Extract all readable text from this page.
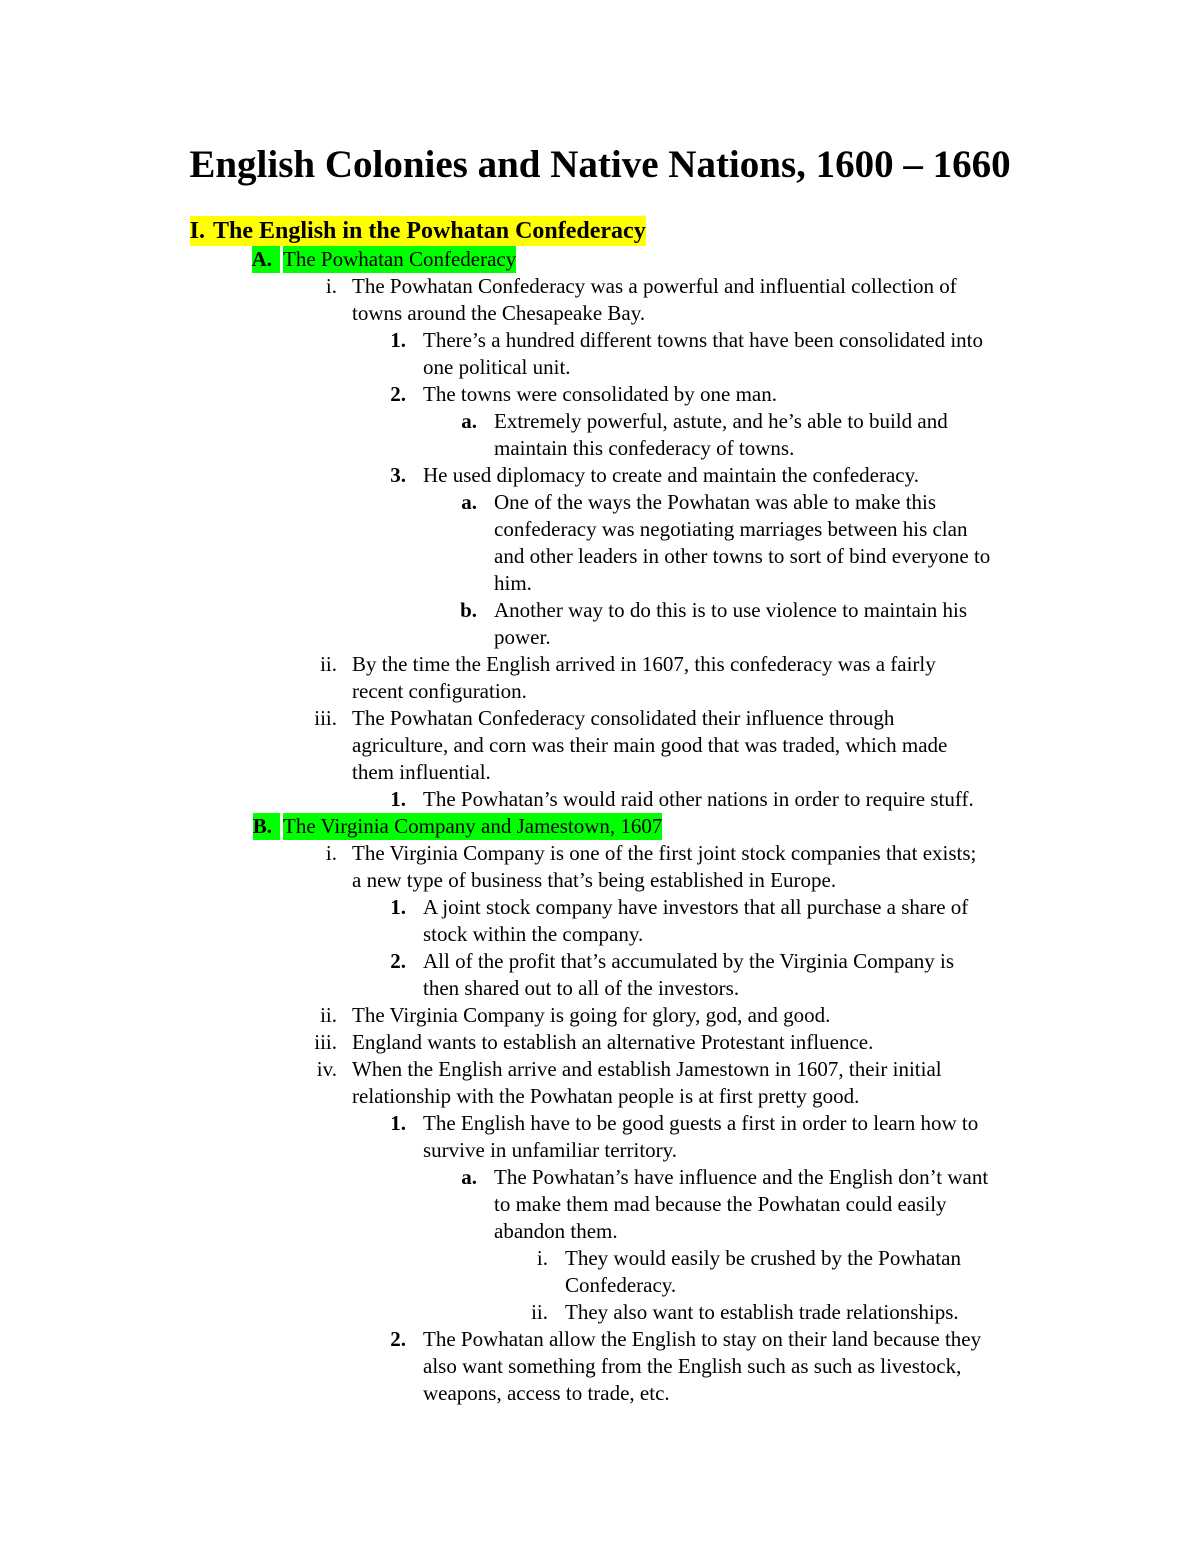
English Colonies and Native Nations, 1600 – 1660
I. The English in the Powhatan Confederacy
A. The Powhatan Confederacy
i. The Powhatan Confederacy was a powerful and influential collection of
towns around the Chesapeake Bay.
1. There’s a hundred different towns that have been consolidated into
one political unit.
2. The towns were consolidated by one man.
a. Extremely powerful, astute, and he’s able to build and
maintain this confederacy of towns.
3. He used diplomacy to create and maintain the confederacy.
a. One of the ways the Powhatan was able to make this
confederacy was negotiating marriages between his clan
and other leaders in other towns to sort of bind everyone to
him.
b. Another way to do this is to use violence to maintain his
power.
ii. By the time the English arrived in 1607, this confederacy was a fairly
recent configuration.
iii. The Powhatan Confederacy consolidated their influence through
agriculture, and corn was their main good that was traded, which made
them influential.
1. The Powhatan’s would raid other nations in order to require stuff.
B. The Virginia Company and Jamestown, 1607
i. The Virginia Company is one of the first joint stock companies that exists;
a new type of business that’s being established in Europe.
1. A joint stock company have investors that all purchase a share of
stock within the company.
2. All of the profit that’s accumulated by the Virginia Company is
then shared out to all of the investors.
ii. The Virginia Company is going for glory, god, and good.
iii. England wants to establish an alternative Protestant influence.
iv. When the English arrive and establish Jamestown in 1607, their initial
relationship with the Powhatan people is at first pretty good.
1. The English have to be good guests a first in order to learn how to
survive in unfamiliar territory.
a. The Powhatan’s have influence and the English don’t want
to make them mad because the Powhatan could easily
abandon them.
i. They would easily be crushed by the Powhatan
Confederacy.
ii. They also want to establish trade relationships.
2. The Powhatan allow the English to stay on their land because they
also want something from the English such as such as livestock,
weapons, access to trade, etc.
